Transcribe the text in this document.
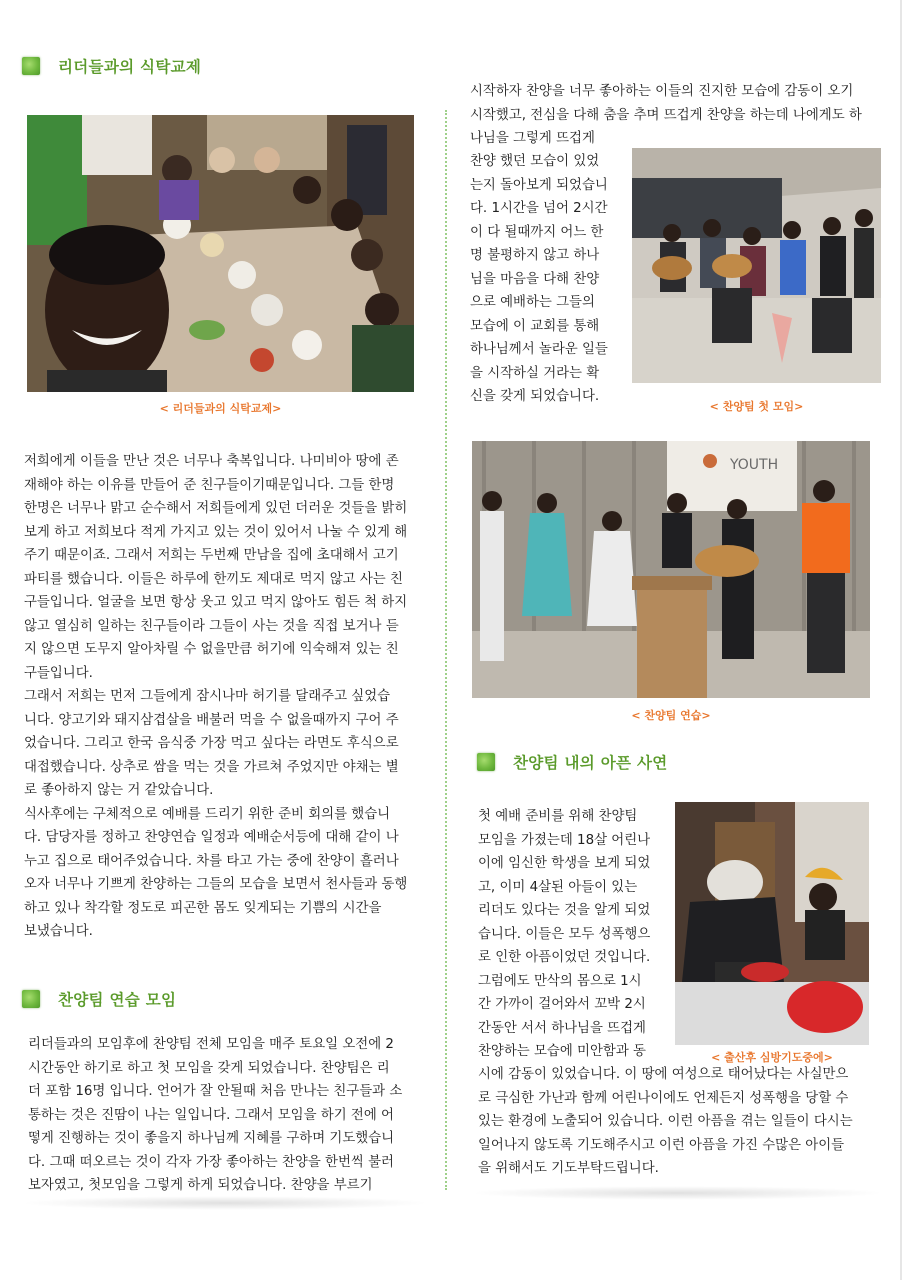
리더들과의 식탁교제
< 리더들과의 식탁교제>

저희에게 이들을 만난 것은 너무나 축복입니다. 나미비아 땅에 존
재해야 하는 이유를 만들어 준 친구들이기때문입니다. 그들 한명
한명은 너무나 맑고 순수해서 저희들에게 있던 더러운 것들을 밝히
보게 하고 저희보다 적게 가지고 있는 것이 있어서 나눌 수 있게 해
주기 때문이죠. 그래서 저희는 두번째 만남을 집에 초대해서 고기
파티를 했습니다. 이들은 하루에 한끼도 제대로 먹지 않고 사는 친
구들입니다. 얼굴을 보면 항상 웃고 있고 먹지 않아도 힘든 척 하지
않고 열심히 일하는 친구들이라 그들이 사는 것을 직접 보거나 듣
지 않으면 도무지 알아차릴 수 없을만큼 허기에 익숙해져 있는 친
구들입니다.
그래서 저희는 먼저 그들에게 잠시나마 허기를 달래주고 싶었습
니다. 양고기와 돼지삼겹살을 배불러 먹을 수 없을때까지 구어 주
었습니다. 그리고 한국 음식중 가장 먹고 싶다는 라면도 후식으로
대접했습니다. 상추로 쌈을 먹는 것을 가르쳐 주었지만 야채는 별
로 좋아하지 않는 거 같았습니다.
식사후에는 구체적으로 예배를 드리기 위한 준비 회의를 했습니
다. 담당자를 정하고 찬양연습 일정과 예배순서등에 대해 같이 나
누고 집으로 태어주었습니다. 차를 타고 가는 중에 찬양이 흘러나
오자 너무나 기쁘게 찬양하는 그들의 모습을 보면서 천사들과 동행
하고 있나 착각할 정도로 피곤한 몸도 잊게되는 기쁨의 시간을
보냈습니다.

찬양팀 연습 모임

리더들과의 모임후에 찬양팀 전체 모임을 매주 토요일 오전에 2
시간동안 하기로 하고 첫 모임을 갖게 되었습니다. 찬양팀은 리
더 포함 16명 입니다. 언어가 잘 안될때 처음 만나는 친구들과 소
통하는 것은 진땀이 나는 일입니다. 그래서 모임을 하기 전에 어
떻게 진행하는 것이 좋을지 하나님께 지혜를 구하며 기도했습니
다. 그때 떠오르는 것이 각자 가장 좋아하는 찬양을 한번씩 불러
보자였고, 첫모임을 그렇게 하게 되었습니다. 찬양을 부르기

시작하자 찬양을 너무 좋아하는 이들의 진지한 모습에 감동이 오기
시작했고, 전심을 다해 춤을 추며 뜨겁게 찬양을 하는데 나에게도 하
나님을 그렇게 뜨겁게

찬양 했던 모습이 있었
는지 돌아보게 되었습니
다. 1시간을 넘어 2시간
이 다 될때까지 어느 한
명 불평하지 않고 하나
님을 마음을 다해 찬양
으로 예배하는 그들의
모습에 이 교회를 통해
하나님께서 놀라운 일들
을 시작하실 거라는 확
신을 갖게 되었습니다.

< 찬양팀 첫 모임>
YOUTH
< 찬양팀 연습>
찬양팀 내의 아픈 사연

첫 예배 준비를 위해 찬양팀
모임을 가졌는데 18살 어린나
이에 임신한 학생을 보게 되었
고, 이미 4살된 아들이 있는
리더도 있다는 것을 알게 되었
습니다. 이들은 모두 성폭행으
로 인한 아픔이었던 것입니다.
그럼에도 만삭의 몸으로 1시
간 가까이 걸어와서 꼬박 2시
간동안 서서 하나님을 뜨겁게
찬양하는 모습에 미안함과 동	< 출산후 심방기도중에>

시에 감동이 있었습니다. 이 땅에 여성으로 태어났다는 사실만으
로 극심한 가난과 함께 어린나이에도 언제든지 성폭행을 당할 수
있는 환경에 노출되어 있습니다. 이런 아픔을 겪는 일들이 다시는
일어나지 않도록 기도해주시고 이런 아픔을 가진 수많은 아이들
을 위해서도 기도부탁드립니다.
